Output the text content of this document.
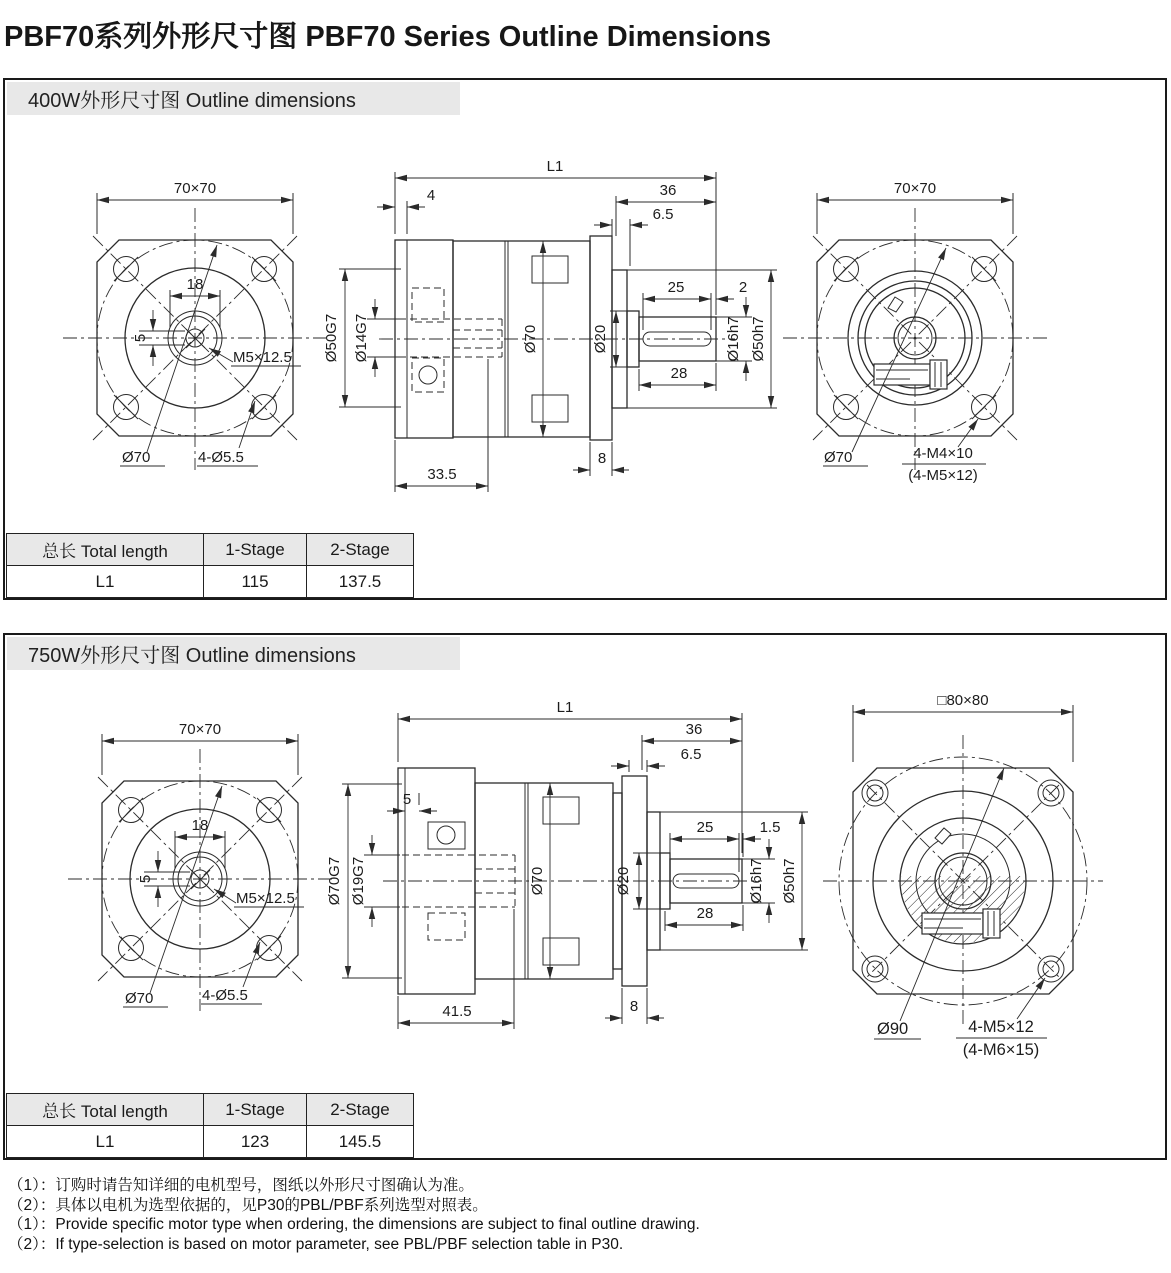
PBF70系列外形尺寸图 PBF70 Series Outline Dimensions
400W外形尺寸图 Outline dimensions
70×70
18
5
M5×12.5
Ø70	4-Ø5.5
L1
4	36
6.5
25	2
28
33.5
8
Ø50G7 Ø14G7	Ø70	Ø20	Ø16h7 Ø50h7
70×70
Ø70	4-M4×10
(4-M5×12)
总长 Total length	1-Stage	2-Stage
L1	115	137.5
750W外形尺寸图 Outline dimensions
70×70
18
5
M5×12.5
Ø70	4-Ø5.5
L1
36
6.5
5
25	1.5
28
41.5	8
Ø70G7 Ø19G7	Ø70	Ø20	Ø16h7 Ø50h7
□80×80
Ø90	4-M5×12
(4-M6×15)
总长 Total length	1-Stage	2-Stage
L1	123	145.5
（1）：订购时请告知详细的电机型号，图纸以外形尺寸图确认为准。
（2）：具体以电机为选型依据的，见P30的PBL/PBF系列选型对照表。
（1）：Provide specific motor type when ordering, the dimensions are subject to final outline drawing.
（2）：If type-selection is based on motor parameter, see PBL/PBF selection table in P30.
